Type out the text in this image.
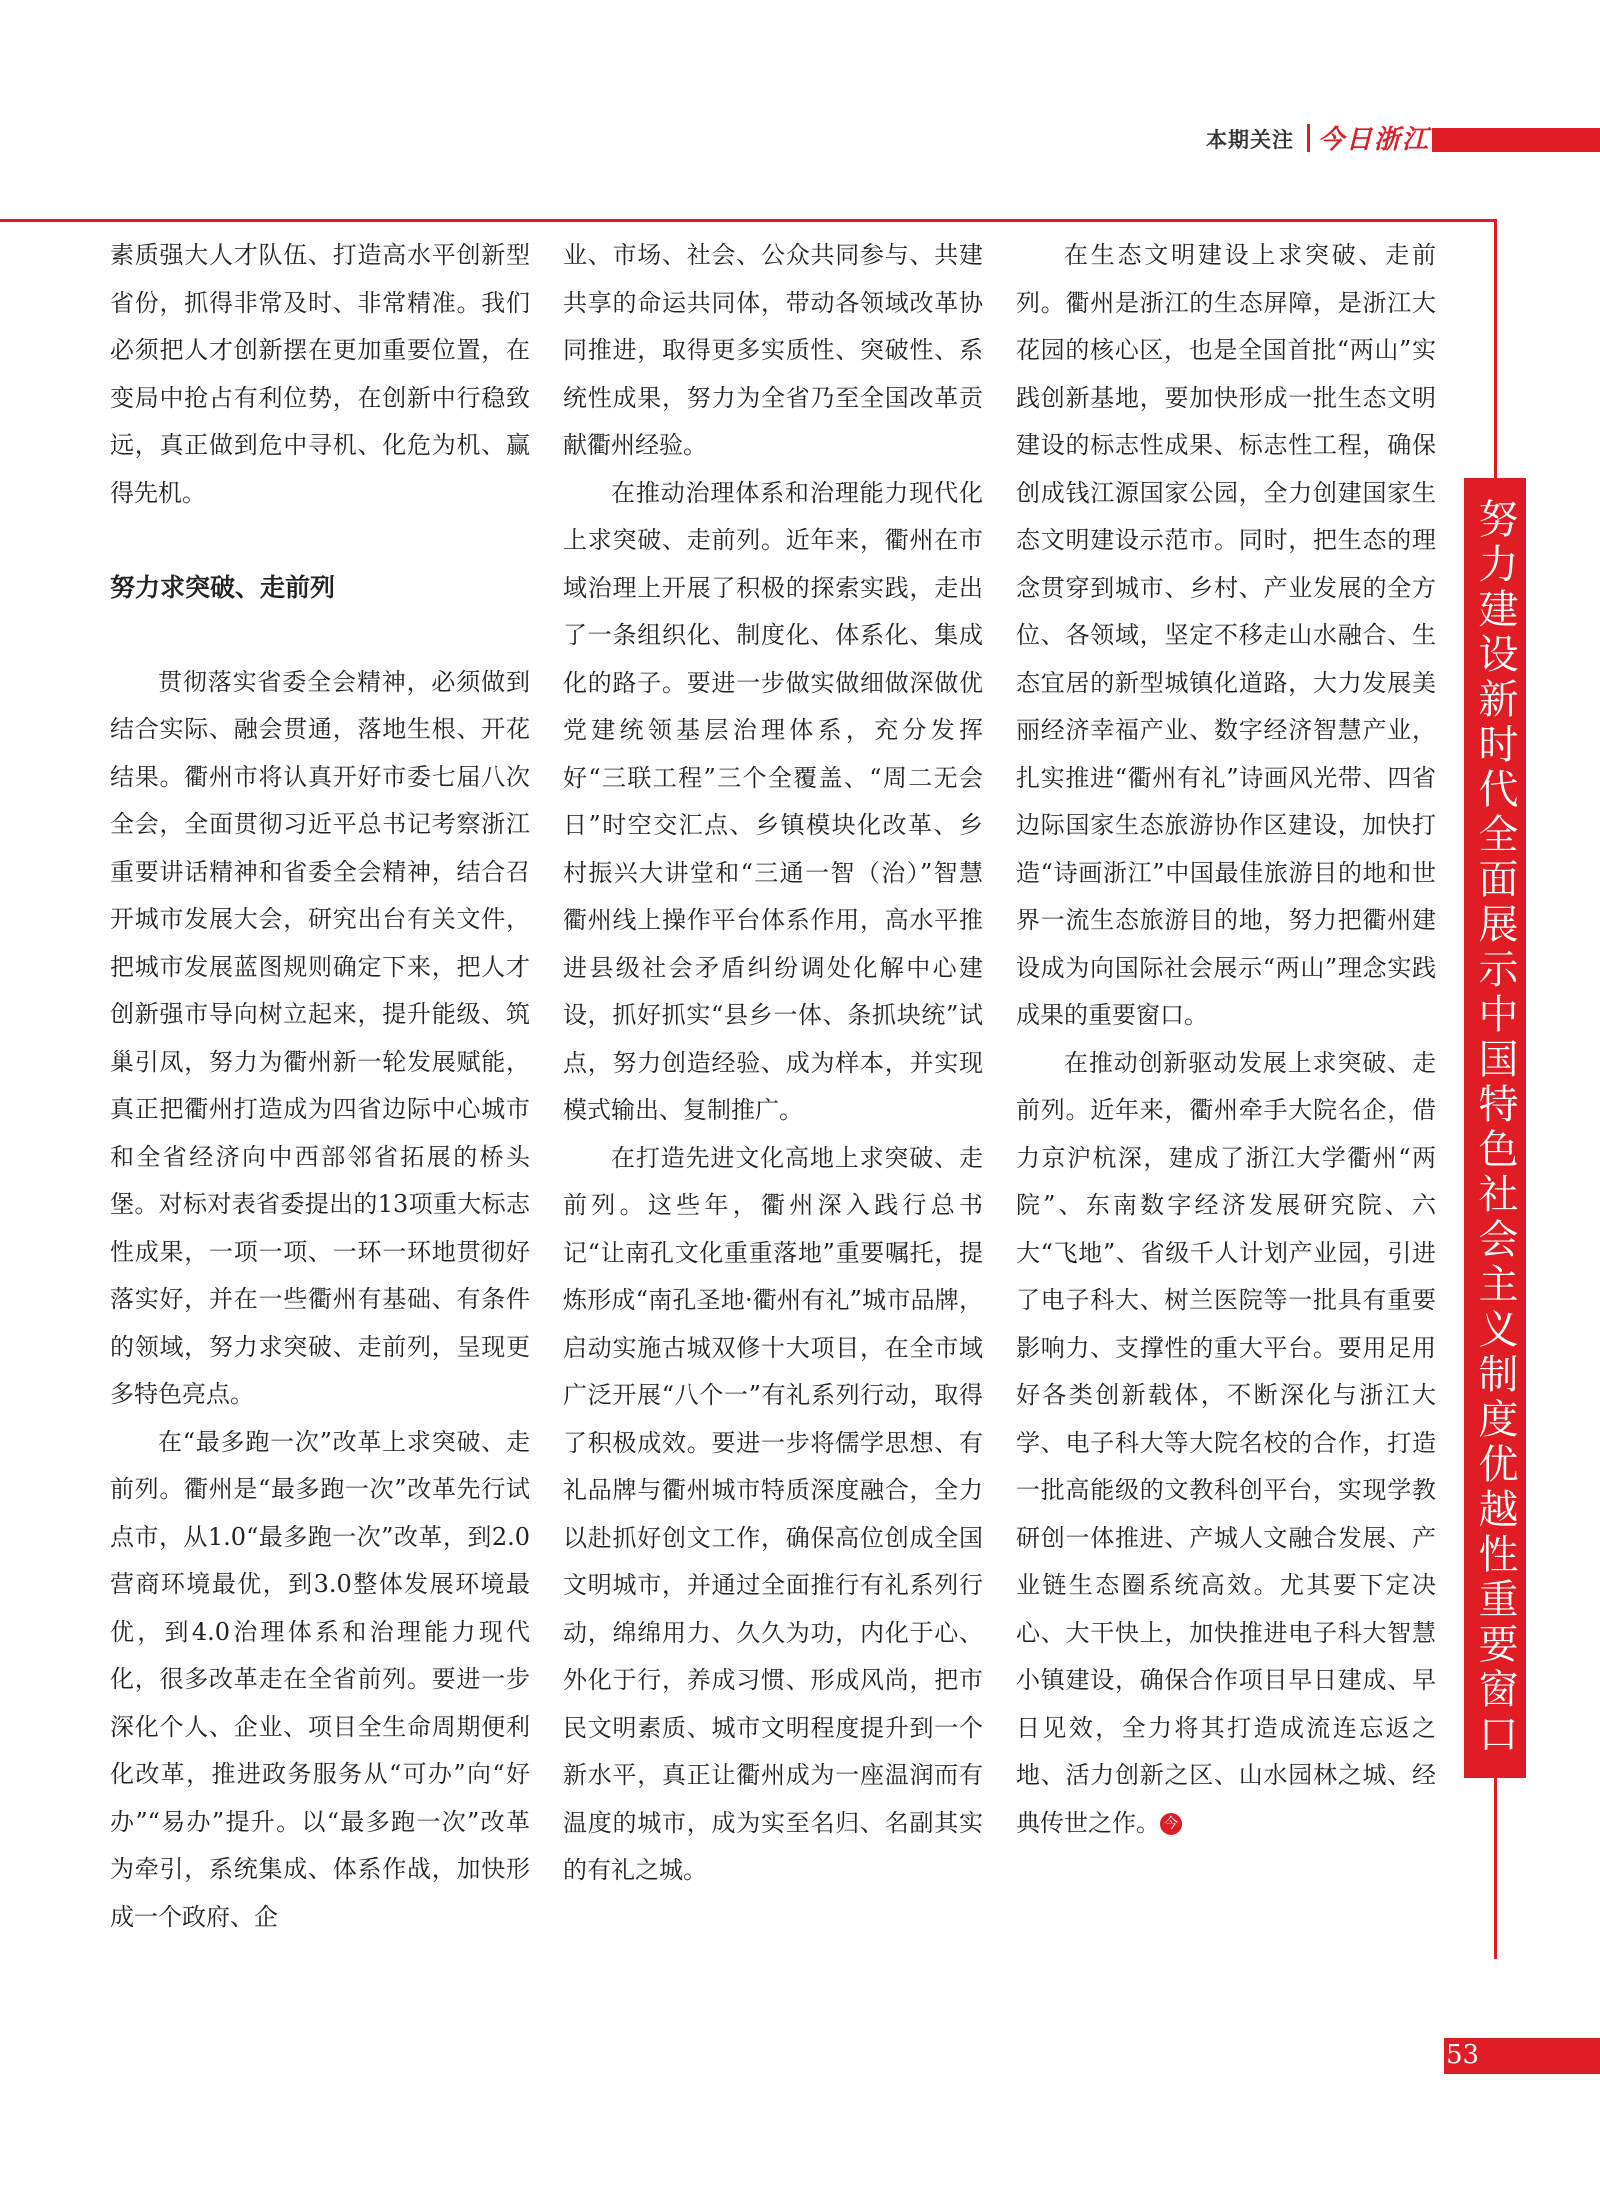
本期关注 今日浙江
努力建设新时代全面展示中国特色社会主义制度优越性重要窗口

素质强大人才队伍、打造高水平创新型省份，抓得非常及时、非常精准。我们必须把人才创新摆在更加重要位置，在变局中抢占有利位势，在创新中行稳致远，真正做到危中寻机、化危为机、赢得先机。

努力求突破、走前列

贯彻落实省委全会精神，必须做到结合实际、融会贯通，落地生根、开花结果。衢州市将认真开好市委七届八次全会，全面贯彻习近平总书记考察浙江重要讲话精神和省委全会精神，结合召开城市发展大会，研究出台有关文件，把城市发展蓝图规则确定下来，把人才创新强市导向树立起来，提升能级、筑巢引凤，努力为衢州新一轮发展赋能，真正把衢州打造成为四省边际中心城市和全省经济向中西部邻省拓展的桥头堡。对标对表省委提出的13项重大标志性成果，一项一项、一环一环地贯彻好落实好，并在一些衢州有基础、有条件的领域，努力求突破、走前列，呈现更多特色亮点。

在“最多跑一次”改革上求突破、走前列。衢州是“最多跑一次”改革先行试点市，从1.0“最多跑一次”改革，到2.0营商环境最优，到3.0整体发展环境最优，到4.0治理体系和治理能力现代化，很多改革走在全省前列。要进一步深化个人、企业、项目全生命周期便利化改革，推进政务服务从“可办”向“好办”“易办”提升。以“最多跑一次”改革为牵引，系统集成、体系作战，加快形成一个政府、企

业、市场、社会、公众共同参与、共建共享的命运共同体，带动各领域改革协同推进，取得更多实质性、突破性、系统性成果，努力为全省乃至全国改革贡献衢州经验。

在推动治理体系和治理能力现代化上求突破、走前列。近年来，衢州在市域治理上开展了积极的探索实践，走出了一条组织化、制度化、体系化、集成化的路子。要进一步做实做细做深做优党建统领基层治理体系，充分发挥好“三联工程”三个全覆盖、“周二无会日”时空交汇点、乡镇模块化改革、乡村振兴大讲堂和“三通一智（治）”智慧衢州线上操作平台体系作用，高水平推进县级社会矛盾纠纷调处化解中心建设，抓好抓实“县乡一体、条抓块统”试点，努力创造经验、成为样本，并实现模式输出、复制推广。

在打造先进文化高地上求突破、走前列。这些年，衢州深入践行总书记“让南孔文化重重落地”重要嘱托，提炼形成“南孔圣地·衢州有礼”城市品牌，启动实施古城双修十大项目，在全市域广泛开展“八个一”有礼系列行动，取得了积极成效。要进一步将儒学思想、有礼品牌与衢州城市特质深度融合，全力以赴抓好创文工作，确保高位创成全国文明城市，并通过全面推行有礼系列行动，绵绵用力、久久为功，内化于心、外化于行，养成习惯、形成风尚，把市民文明素质、城市文明程度提升到一个新水平，真正让衢州成为一座温润而有温度的城市，成为实至名归、名副其实的有礼之城。

在生态文明建设上求突破、走前列。衢州是浙江的生态屏障，是浙江大花园的核心区，也是全国首批“两山”实践创新基地，要加快形成一批生态文明建设的标志性成果、标志性工程，确保创成钱江源国家公园，全力创建国家生态文明建设示范市。同时，把生态的理念贯穿到城市、乡村、产业发展的全方位、各领域，坚定不移走山水融合、生态宜居的新型城镇化道路，大力发展美丽经济幸福产业、数字经济智慧产业，扎实推进“衢州有礼”诗画风光带、四省边际国家生态旅游协作区建设，加快打造“诗画浙江”中国最佳旅游目的地和世界一流生态旅游目的地，努力把衢州建设成为向国际社会展示“两山”理念实践成果的重要窗口。

在推动创新驱动发展上求突破、走前列。近年来，衢州牵手大院名企，借力京沪杭深，建成了浙江大学衢州“两院”、东南数字经济发展研究院、六大“飞地”、省级千人计划产业园，引进了电子科大、树兰医院等一批具有重要影响力、支撑性的重大平台。要用足用好各类创新载体，不断深化与浙江大学、电子科大等大院名校的合作，打造一批高能级的文教科创平台，实现学教研创一体推进、产城人文融合发展、产业链生态圈系统高效。尤其要下定决心、大干快上，加快推进电子科大智慧小镇建设，确保合作项目早日建成、早日见效，全力将其打造成流连忘返之地、活力创新之区、山水园林之城、经典传世之作。 今

53
